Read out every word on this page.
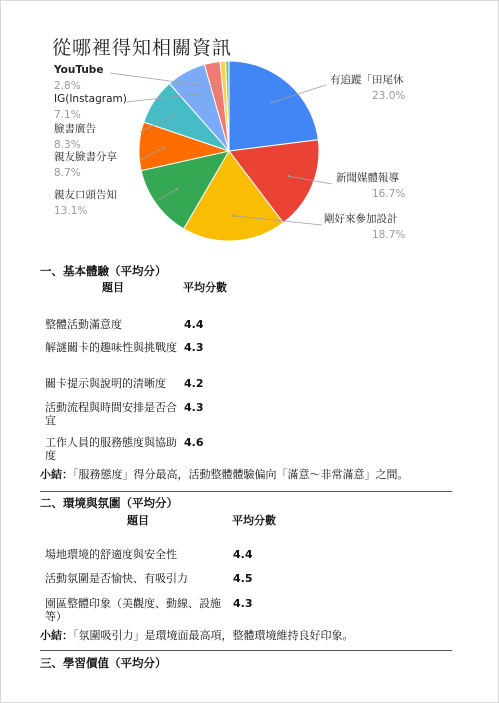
從哪裡得知相關資訊
有追蹤「田尾休
23.0%
新聞媒體報導
16.7%
剛好來參加設計
18.7%
親友口頭告知
13.1%
親友臉書分享
8.7%
臉書廣告
8.3%
IG(Instagram)
7.1%
YouTube
2.8%
一、基本體驗（平均分）
題目	平均分數
整體活動滿意度	4.4
解謎關卡的趣味性與挑戰度 4.3
關卡提示與說明的清晰度	4.2
活動流程與時間安排是否合宜
4.3
工作人員的服務態度與協助度
4.6
小結：「服務態度」得分最高，活動整體體驗偏向「滿意～非常滿意」之間。
二、環境與氛圍（平均分）
題目	平均分數
場地環境的舒適度與安全性	4.4
活動氛圍是否愉快、有吸引力	4.5
園區整體印象（美觀度、動線、設施等）
4.3
小結：「氛圍吸引力」是環境面最高項，整體環境維持良好印象。
三、學習價值（平均分）
